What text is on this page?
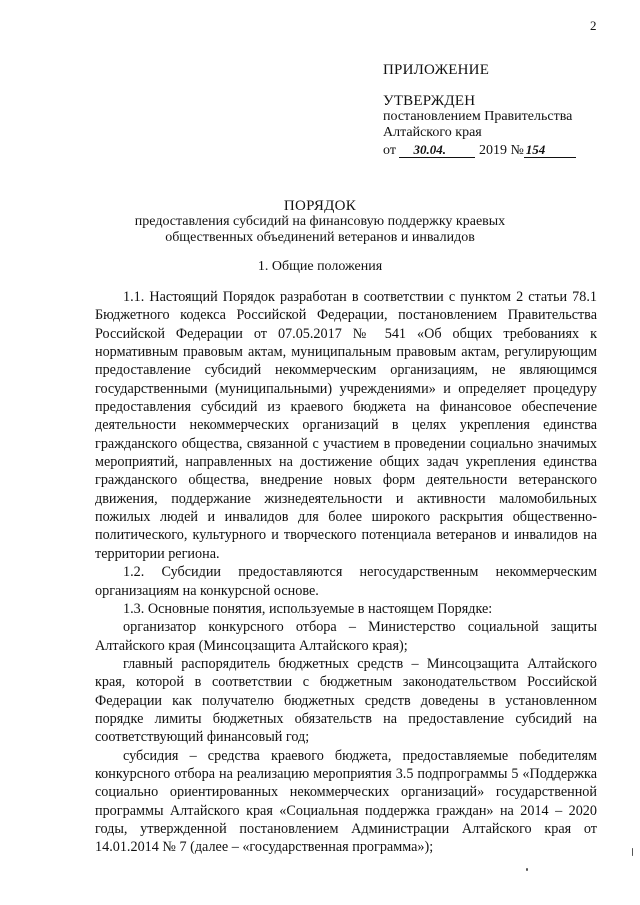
2
ПРИЛОЖЕНИЕ
УТВЕРЖДЕН
постановлением Правительства
Алтайского края
от 30.04. 2019 № 154
ПОРЯДОК
предоставления субсидий на финансовую поддержку краевых
общественных объединений ветеранов и инвалидов
1. Общие положения

1.1. Настоящий Порядок разработан в соответствии с пунктом 2 статьи 78.1 Бюджетного кодекса Российской Федерации, постановлением Правительства Российской Федерации от 07.05.2017 № 541 «Об общих требованиях к нормативным правовым актам, муниципальным правовым актам, регулирующим предоставление субсидий некоммерческим организациям, не являющимся государственными (муниципальными) учреждениями» и определяет процедуру предоставления субсидий из краевого бюджета на финансовое обеспечение деятельности некоммерческих организаций в целях укрепления единства гражданского общества, связанной с участием в проведении социально значимых мероприятий, направленных на достижение общих задач укрепления единства гражданского общества, внедрение новых форм деятельности ветеранского движения, поддержание жизнедеятельности и активности маломобильных пожилых людей и инвалидов для более широкого раскрытия общественно-политического, культурного и творческого потенциала ветеранов и инвалидов на территории региона.

1.2. Субсидии предоставляются негосударственным некоммерческим организациям на конкурсной основе.

1.3. Основные понятия, используемые в настоящем Порядке:

организатор конкурсного отбора – Министерство социальной защиты Алтайского края (Минсоцзащита Алтайского края);

главный распорядитель бюджетных средств – Минсоцзащита Алтайского края, которой в соответствии с бюджетным законодательством Российской Федерации как получателю бюджетных средств доведены в установленном порядке лимиты бюджетных обязательств на предоставление субсидий на соответствующий финансовый год;

субсидия – средства краевого бюджета, предоставляемые победителям конкурсного отбора на реализацию мероприятия 3.5 подпрограммы 5 «Поддержка социально ориентированных некоммерческих организаций» государственной программы Алтайского края «Социальная поддержка граждан» на 2014 – 2020 годы, утвержденной постановлением Администрации Алтайского края от 14.01.2014 № 7 (далее – «государственная программа»);
